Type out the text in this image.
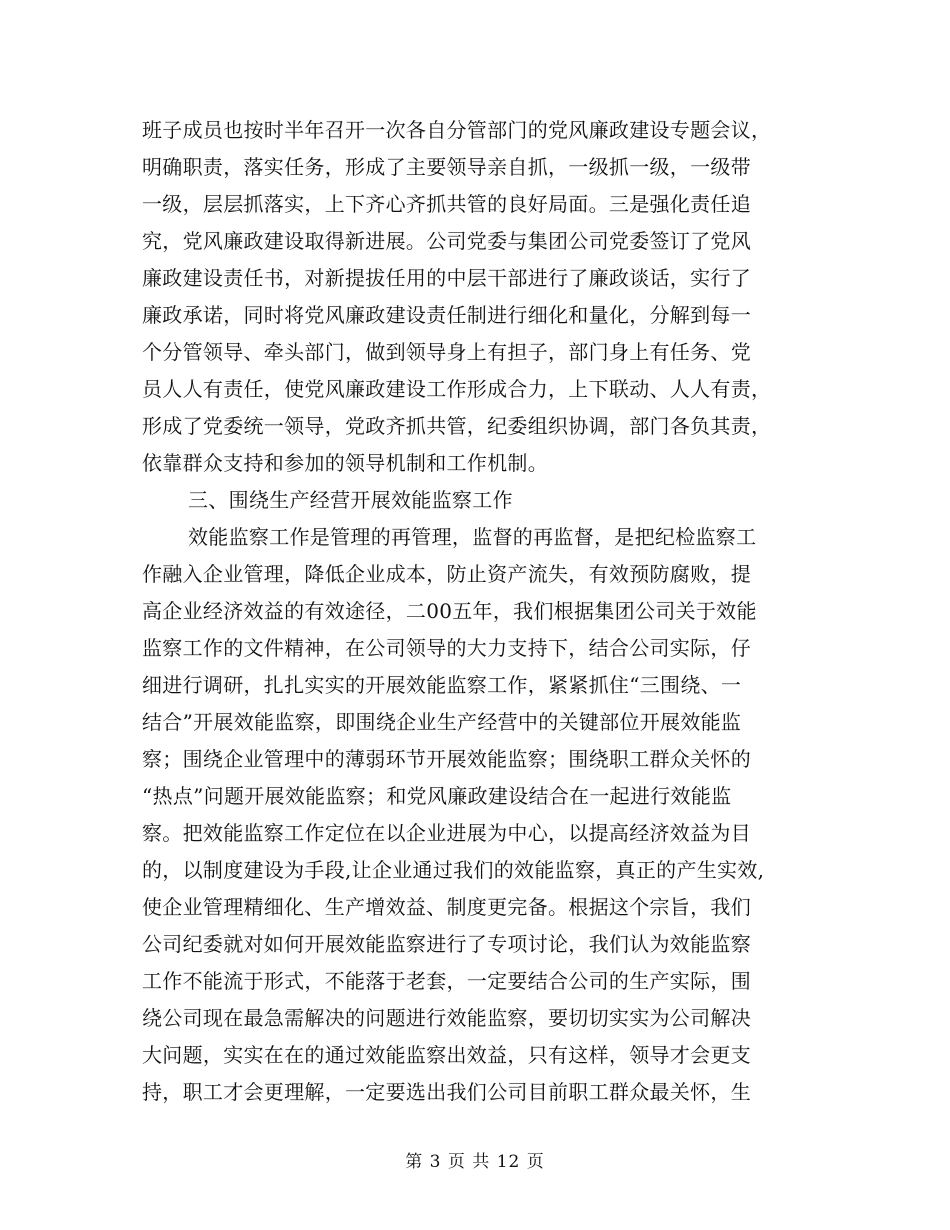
班子成员也按时半年召开一次各自分管部门的党风廉政建设专题会议，
明确职责，落实任务，形成了主要领导亲自抓，一级抓一级，一级带
一级，层层抓落实，上下齐心齐抓共管的良好局面。三是强化责任追
究，党风廉政建设取得新进展。公司党委与集团公司党委签订了党风
廉政建设责任书，对新提拔任用的中层干部进行了廉政谈话，实行了
廉政承诺，同时将党风廉政建设责任制进行细化和量化，分解到每一
个分管领导、牵头部门，做到领导身上有担子，部门身上有任务、党
员人人有责任，使党风廉政建设工作形成合力，上下联动、人人有责，
形成了党委统一领导，党政齐抓共管，纪委组织协调，部门各负其责，
依靠群众支持和参加的领导机制和工作机制。
三、围绕生产经营开展效能监察工作
效能监察工作是管理的再管理，监督的再监督，是把纪检监察工
作融入企业管理，降低企业成本，防止资产流失，有效预防腐败，提
高企业经济效益的有效途径，二00五年，我们根据集团公司关于效能
监察工作的文件精神，在公司领导的大力支持下，结合公司实际，仔
细进行调研，扎扎实实的开展效能监察工作，紧紧抓住“三围绕、一
结合”开展效能监察，即围绕企业生产经营中的关键部位开展效能监
察；围绕企业管理中的薄弱环节开展效能监察；围绕职工群众关怀的
“热点”问题开展效能监察；和党风廉政建设结合在一起进行效能监
察。把效能监察工作定位在以企业进展为中心，以提高经济效益为目
的，以制度建设为手段,让企业通过我们的效能监察，真正的产生实效,
使企业管理精细化、生产增效益、制度更完备。根据这个宗旨，我们
公司纪委就对如何开展效能监察进行了专项讨论，我们认为效能监察
工作不能流于形式，不能落于老套，一定要结合公司的生产实际，围
绕公司现在最急需解决的问题进行效能监察，要切切实实为公司解决
大问题，实实在在的通过效能监察出效益，只有这样，领导才会更支
持，职工才会更理解，一定要选出我们公司目前职工群众最关怀，生
第 3 页 共 12 页
